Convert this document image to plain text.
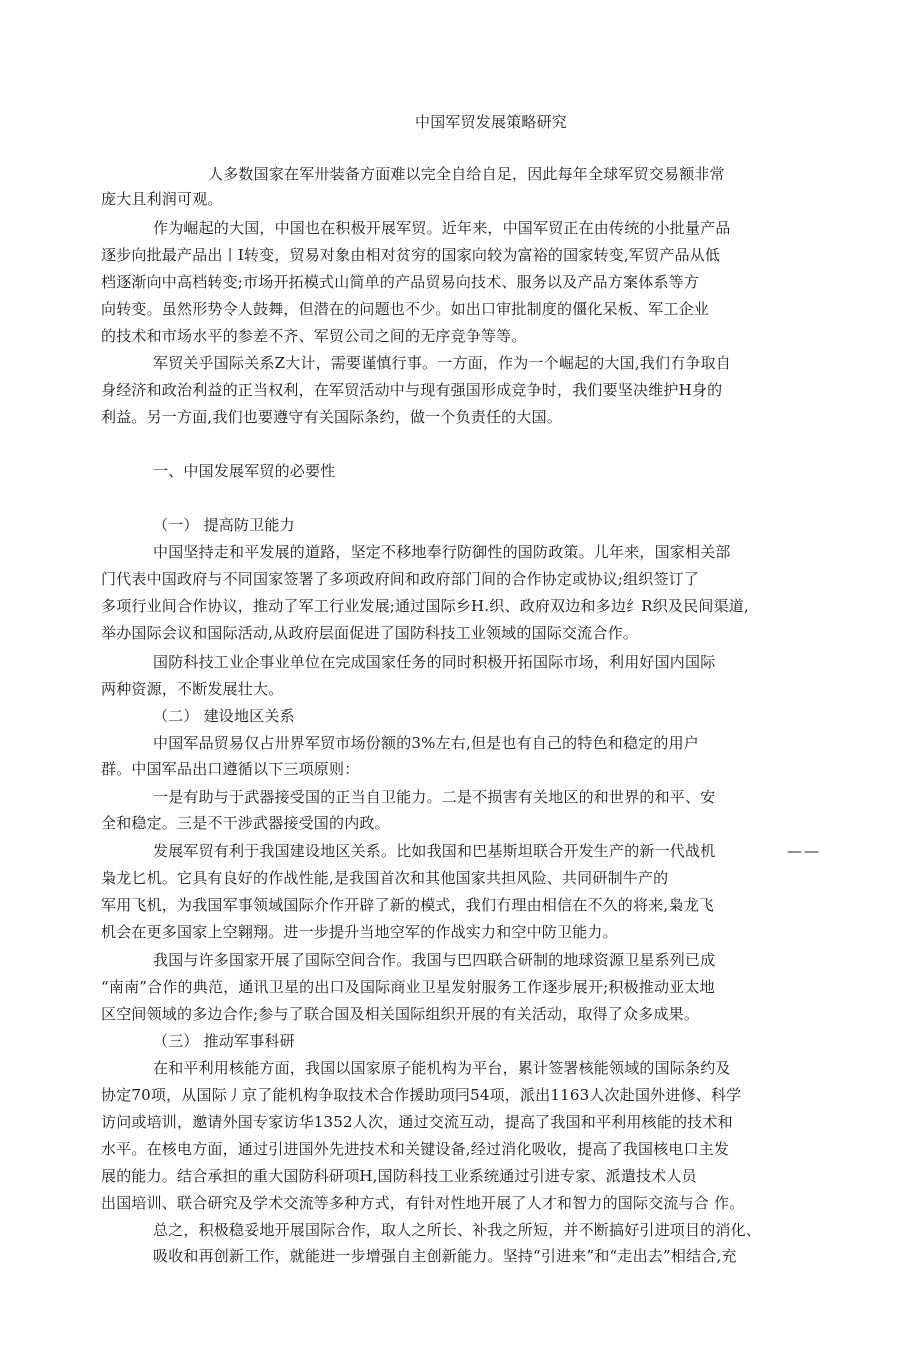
中国军贸发展策略研究
人多数国家在军卅装备方面难以完全自给自足，因此每年全球军贸交易额非常
庞大且利润可观。
作为崛起的大国，中国也在积极开展军贸。近年来，中国军贸正在由传统的小批量产品
逐步向批最产品出丨I转变，贸易对象由相对贫穷的国家向较为富裕的国家转变,军贸产品从低
档逐渐向中高档转变;市场开拓模式山简单的产品贸易向技术、服务以及产品方案体系等方
向转变。虽然形势令人鼓舞，但潜在的问题也不少。如出口审批制度的僵化呆板、军工企业
的技术和市场水平的参差不齐、军贸公司之间的无序竞争等等。
军贸关乎国际关系Z大计，需要谨慎行事。一方面，作为一个崛起的大国,我们冇争取自
身经济和政治利益的正当权利，在军贸活动中与现有强国形成竞争时，我们要坚决维护H身的
利益。另一方面,我们也要遵守有关国际条约，做一个负责任的大国。
一、中国发展军贸的必要性
（一） 提高防卫能力
中国坚持走和平发展的道路，坚定不移地奉行防御性的国防政策。儿年来，国家相关部
门代表中国政府与不同国家签署了多项政府间和政府部门间的合作协定或协议;组织签订了
多项行业间合作协议，推动了军工行业发展;通过国际乡H.织、政府双边和多边纟R织及民间渠道,
举办国际会议和国际活动,从政府层面促进了国防科技工业领域的国际交流合作。
国防科技工业企事业单位在完成国家任务的同时积极开拓国际市场，利用好国内国际
两种资源，不断发展壮大。
（二） 建设地区关系
中国军品贸易仅占卅界军贸市场份额的3%左右,但是也有自己的特色和稳定的用户
群。中国军品出口遵循以下三项原则：
一是有助与于武器接受国的正当自卫能力。二是不损害有关地区的和世界的和平、安
全和稳定。三是不干涉武器接受国的内政。
发展军贸有利于我国建设地区关系。比如我国和巴基斯坦联合开发生产的新一代战机	——
枭龙匕机。它具有良好的作战性能,是我国首次和其他国家共担风险、共同研制牛产的
军用飞机，为我国军事领域国际介作开辟了新的模式，我们冇理由相信在不久的将来,枭龙飞
机会在更多国家上空翱翔。进一步提升当地空军的作战实力和空中防卫能力。
我国与许多国家开展了国际空间合作。我国与巴四联合研制的地球资源卫星系列已成
“南南”合作的典范，通讯卫星的出口及国际商业卫星发射服务工作逐步展开;积极推动亚太地
区空间领域的多边合作;参与了联合国及相关国际组织开展的有关活动，取得了众多成果。
（三） 推动军事科研
在和平利用核能方面，我国以国家原子能机构为平台，累计签署核能领域的国际条约及
协定70项，从国际丿京了能机构争取技术合作援助项冃54项，派出1163人次赴国外进修、科学
访问或培训，邀请外国专家访华1352人次，通过交流互动，提高了我国和平利用核能的技术和
水平。在核电方面，通过引进国外先进技术和关键设备,经过消化吸收，提高了我国核电口主发
展的能力。结合承担的重大国防科研项H,国防科技工业系统通过引进专家、派遣技术人员
出国培训、联合研究及学术交流等多种方式，有针对性地开展了人才和智力的国际交流与合 作。
总之，积极稳妥地开展国际合作，取人之所长、补我之所短，并不断搞好引进项目的消化、
吸收和再创新工作，就能进一步增强自主创新能力。坚持“引进来”和“走出去”相结合,充
